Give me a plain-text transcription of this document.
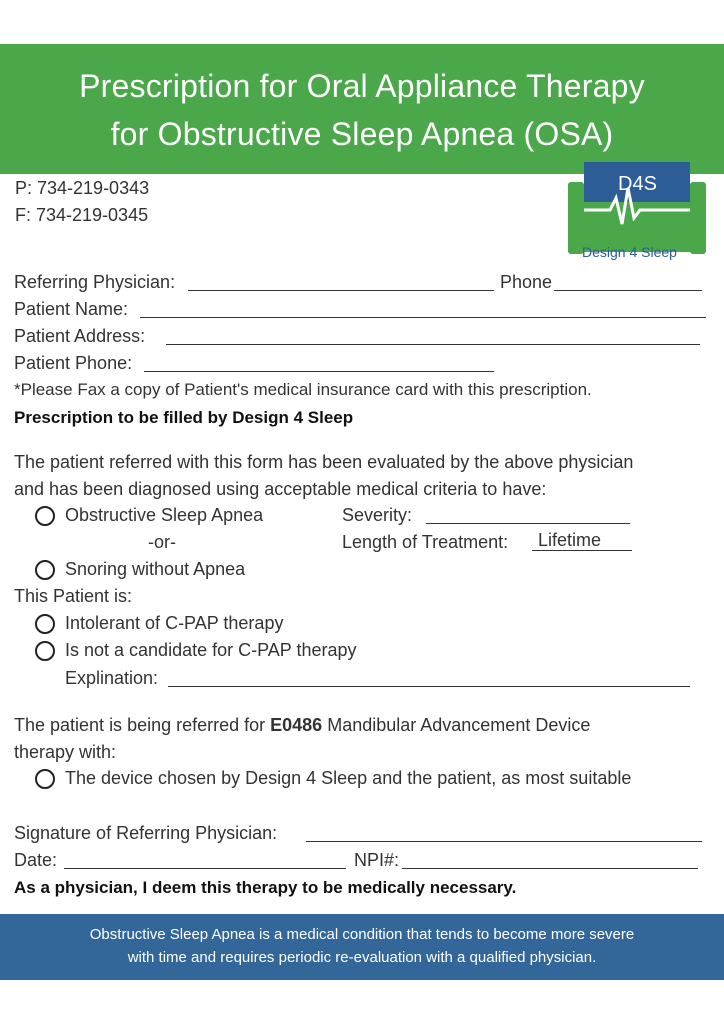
Prescription for Oral Appliance Therapy
for Obstructive Sleep Apnea (OSA)
P: 734-219-0343
F: 734-219-0345
D4S
Design 4 Sleep
Referring Physician:	Phone
Patient Name:
Patient Address:
Patient Phone:
*Please Fax a copy of Patient's medical insurance card with this prescription.
Prescription to be filled by Design 4 Sleep
The patient referred with this form has been evaluated by the above physician
and has been diagnosed using acceptable medical criteria to have:
Obstructive Sleep Apnea	Severity:
-or-	Length of Treatment:	Lifetime
Snoring without Apnea
This Patient is:
Intolerant of C-PAP therapy
Is not a candidate for C-PAP therapy
Explination:
The patient is being referred for E0486 Mandibular Advancement Device
therapy with:
The device chosen by Design 4 Sleep and the patient, as most suitable
Signature of Referring Physician:
Date:	NPI#:
As a physician, I deem this therapy to be medically necessary.
Obstructive Sleep Apnea is a medical condition that tends to become more severe
with time and requires periodic re-evaluation with a qualified physician.
